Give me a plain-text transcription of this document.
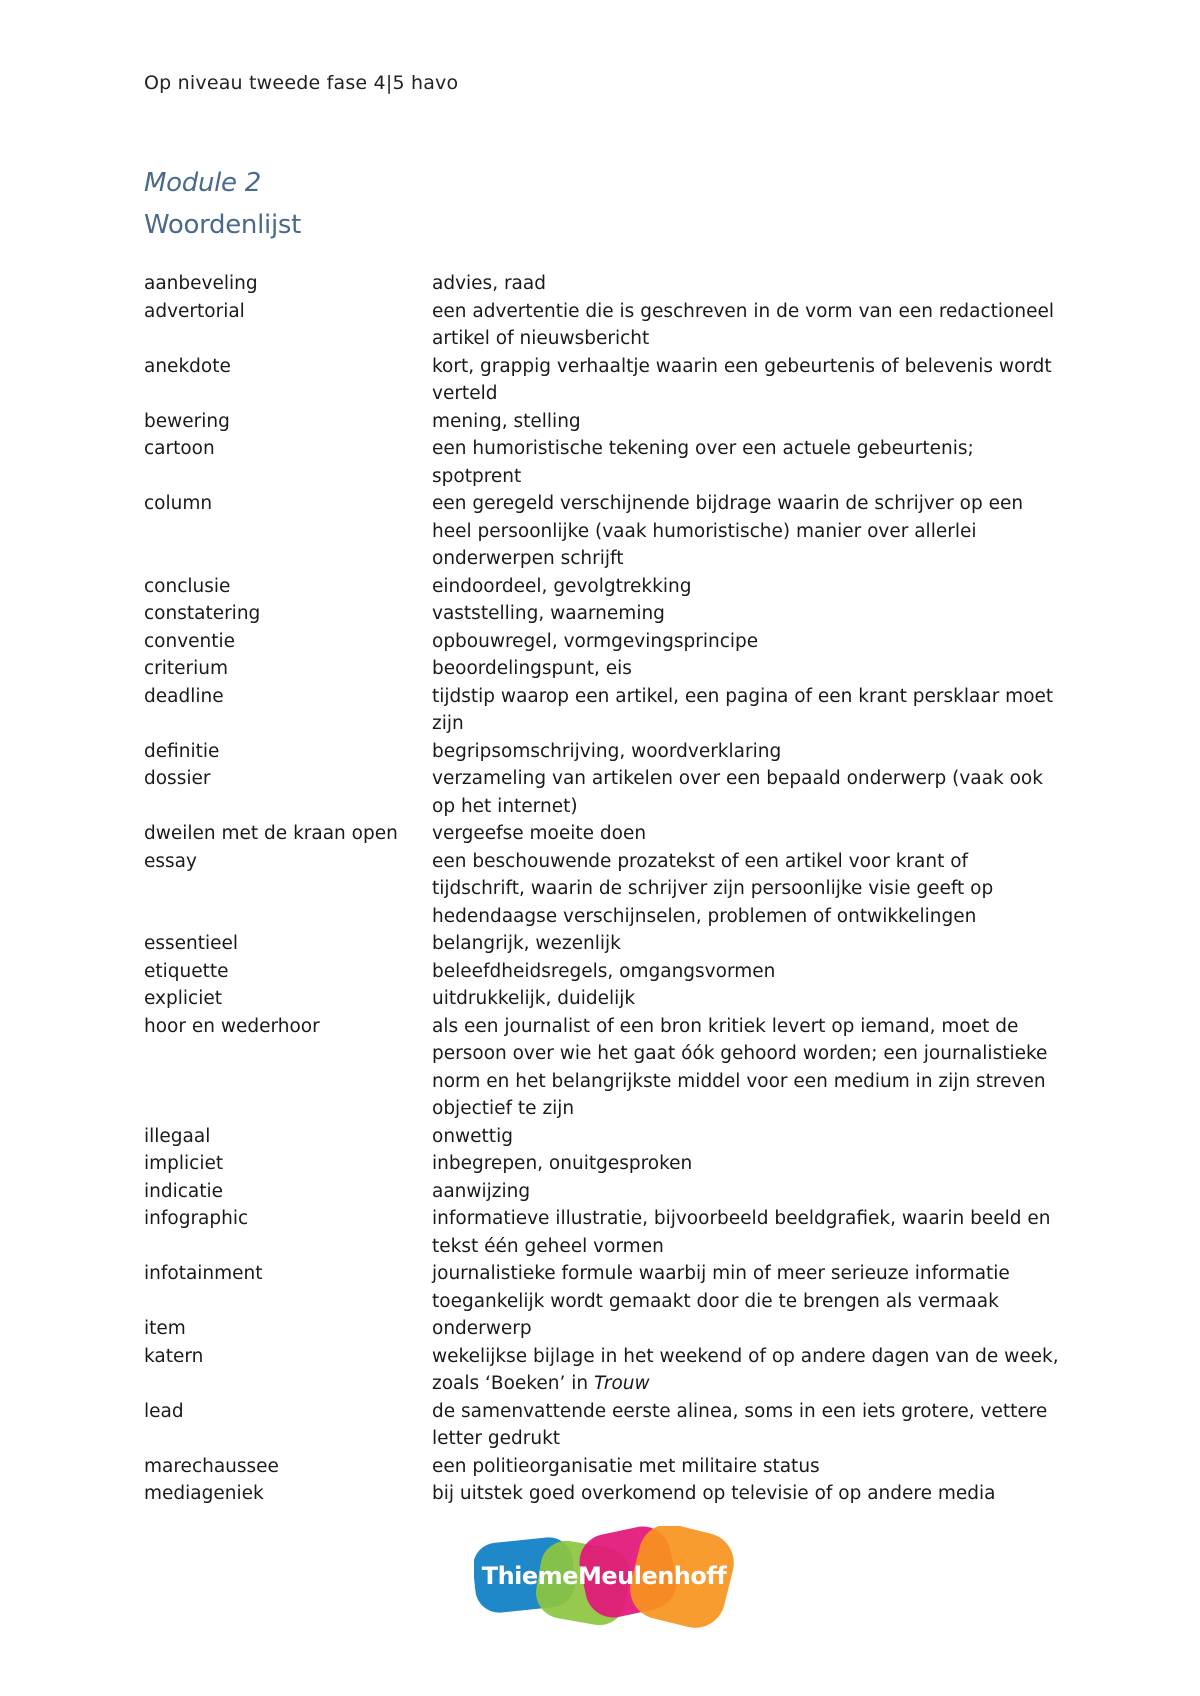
Op niveau tweede fase 4|5 havo
Module 2
Woordenlijst
aanbeveling	advies, raad
advertorial	een advertentie die is geschreven in de vorm van een redactioneel artikel of nieuwsbericht
anekdote	kort, grappig verhaaltje waarin een gebeurtenis of belevenis wordt verteld
bewering	mening, stelling
cartoon	een humoristische tekening over een actuele gebeurtenis; spotprent
column	een geregeld verschijnende bijdrage waarin de schrijver op een heel persoonlijke (vaak humoristische) manier over allerlei onderwerpen schrijft
conclusie	eindoordeel, gevolgtrekking
constatering	vaststelling, waarneming
conventie	opbouwregel, vormgevingsprincipe
criterium	beoordelingspunt, eis
deadline	tijdstip waarop een artikel, een pagina of een krant persklaar moet zijn
definitie	begripsomschrijving, woordverklaring
dossier	verzameling van artikelen over een bepaald onderwerp (vaak ook op het internet)
dweilen met de kraan open	vergeefse moeite doen
essay	een beschouwende prozatekst of een artikel voor krant of tijdschrift, waarin de schrijver zijn persoonlijke visie geeft op hedendaagse verschijnselen, problemen of ontwikkelingen
essentieel	belangrijk, wezenlijk
etiquette	beleefdheidsregels, omgangsvormen
expliciet	uitdrukkelijk, duidelijk
hoor en wederhoor	als een journalist of een bron kritiek levert op iemand, moet de persoon over wie het gaat óók gehoord worden; een journalistieke norm en het belangrijkste middel voor een medium in zijn streven objectief te zijn
illegaal	onwettig
impliciet	inbegrepen, onuitgesproken
indicatie	aanwijzing
infographic	informatieve illustratie, bijvoorbeeld beeldgrafiek, waarin beeld en tekst één geheel vormen
infotainment	journalistieke formule waarbij min of meer serieuze informatie toegankelijk wordt gemaakt door die te brengen als vermaak
item	onderwerp
katern	wekelijkse bijlage in het weekend of op andere dagen van de week, zoals ‘Boeken’ in Trouw
lead	de samenvattende eerste alinea, soms in een iets grotere, vettere letter gedrukt
marechaussee	een politieorganisatie met militaire status
mediageniek	bij uitstek goed overkomend op televisie of op andere media
ThiemeMeulenhoff
